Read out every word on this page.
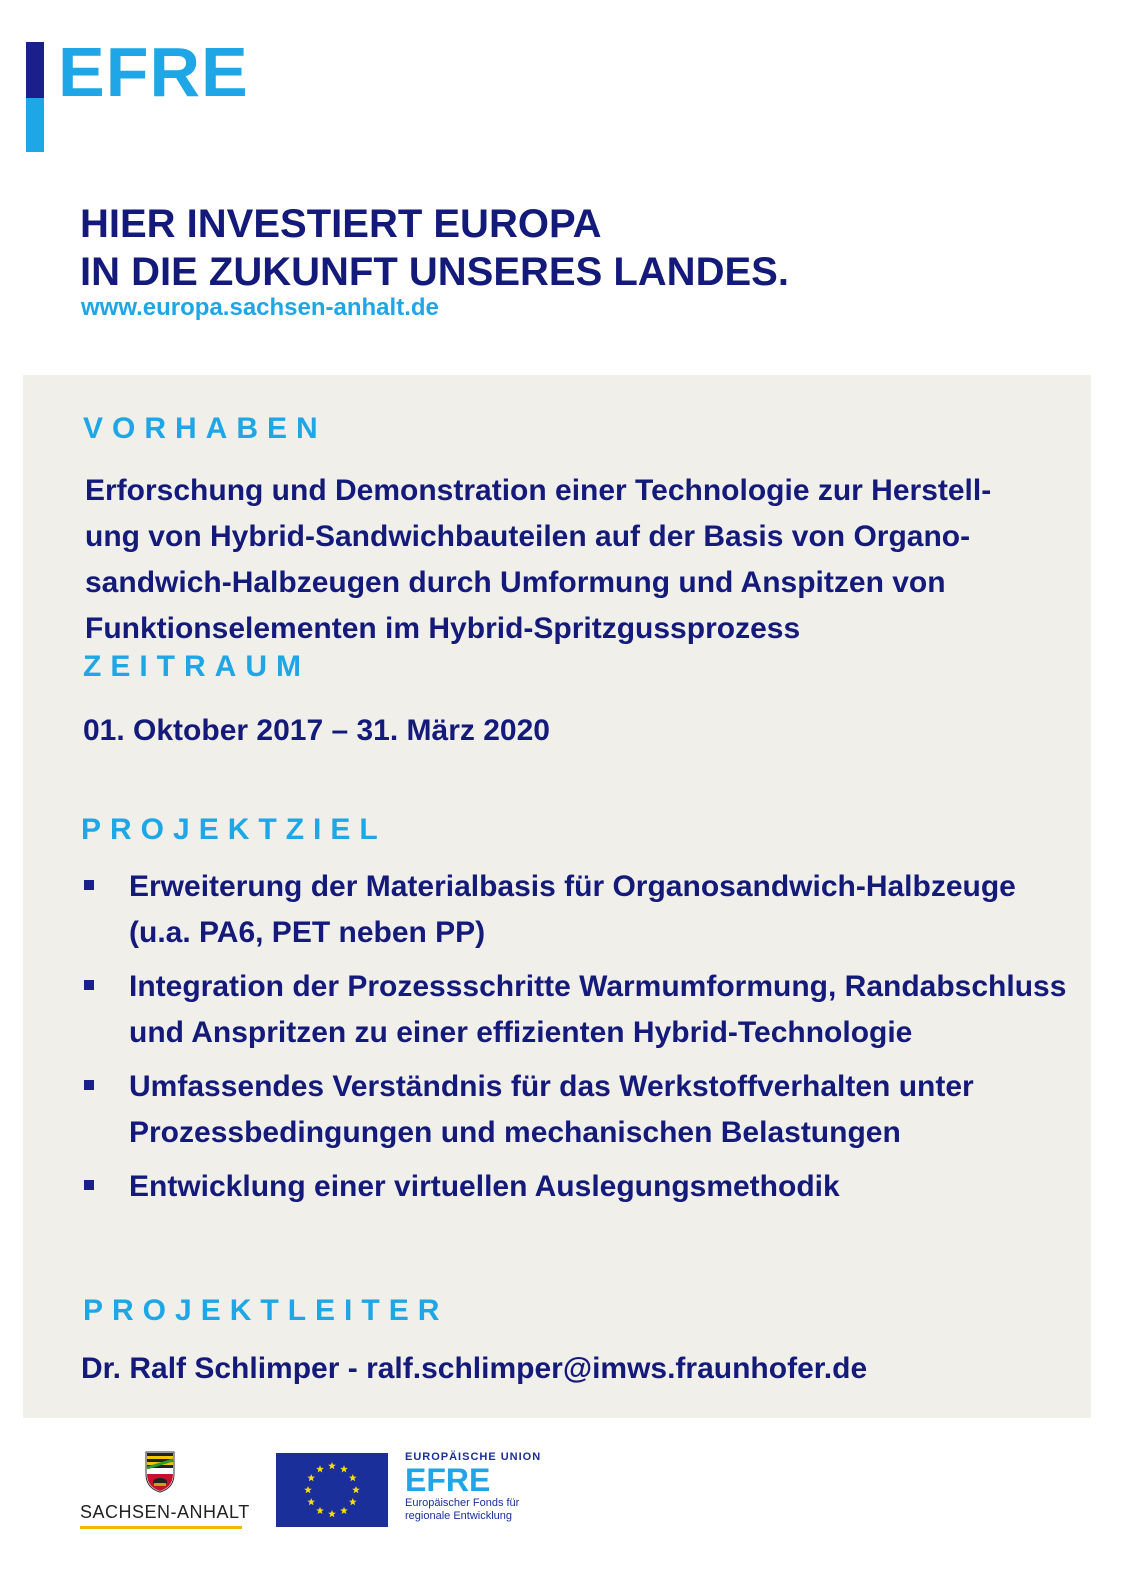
EFRE
HIER INVESTIERT EUROPA
IN DIE ZUKUNFT UNSERES LANDES.
www.europa.sachsen-anhalt.de
VORHABEN
Erforschung und Demonstration einer Technologie zur Herstell-
ung von Hybrid-Sandwichbauteilen auf der Basis von Organo-
sandwich-Halbzeugen durch Umformung und Anspitzen von
Funktionselementen im Hybrid-Spritzgussprozess
ZEITRAUM
01. Oktober 2017 – 31. März 2020
PROJEKTZIEL
Erweiterung der Materialbasis für Organosandwich-Halbzeuge (u.a. PA6, PET neben PP)
Integration der Prozessschritte Warmumformung, Randabschluss und Anspritzen zu einer effizienten Hybrid-Technologie
Umfassendes Verständnis für das Werkstoffverhalten unter Prozessbedingungen und mechanischen Belastungen
Entwicklung einer virtuellen Auslegungsmethodik
PROJEKTLEITER
Dr. Ralf Schlimper - ralf.schlimper@imws.fraunhofer.de
SACHSEN-ANHALT
EUROPÄISCHE UNION
EFRE
Europäischer Fonds für
regionale Entwicklung
